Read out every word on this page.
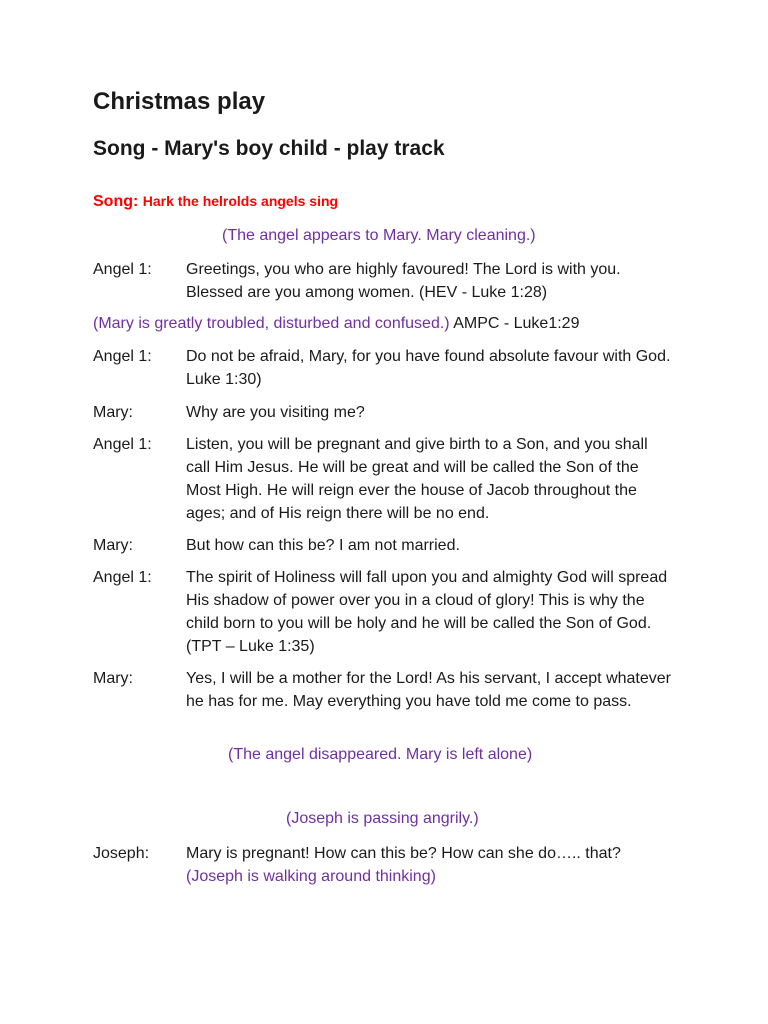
Christmas play
Song - Mary's boy child - play track
Song: Hark the helrolds angels sing
(The angel appears to Mary. Mary cleaning.)
Angel 1: Greetings, you who are highly favoured! The Lord is with you. Blessed are you among women. (HEV - Luke 1:28)
(Mary is greatly troubled, disturbed and confused.) AMPC - Luke1:29
Angel 1: Do not be afraid, Mary, for you have found absolute favour with God. Luke 1:30)
Mary:	Why are you visiting me?
Angel 1: Listen, you will be pregnant and give birth to a Son, and you shall call Him Jesus. He will be great and will be called the Son of the Most High. He will reign ever the house of Jacob throughout the ages; and of His reign there will be no end.
Mary:	But how can this be? I am not married.
Angel 1: The spirit of Holiness will fall upon you and almighty God will spread His shadow of power over you in a cloud of glory! This is why the child born to you will be holy and he will be called the Son of God. (TPT – Luke 1:35)
Mary:	Yes, I will be a mother for the Lord! As his servant, I accept whatever he has for me. May everything you have told me come to pass.
(The angel disappeared. Mary is left alone)
(Joseph is passing angrily.)
Joseph: Mary is pregnant! How can this be? How can she do….. that?
(Joseph is walking around thinking)
